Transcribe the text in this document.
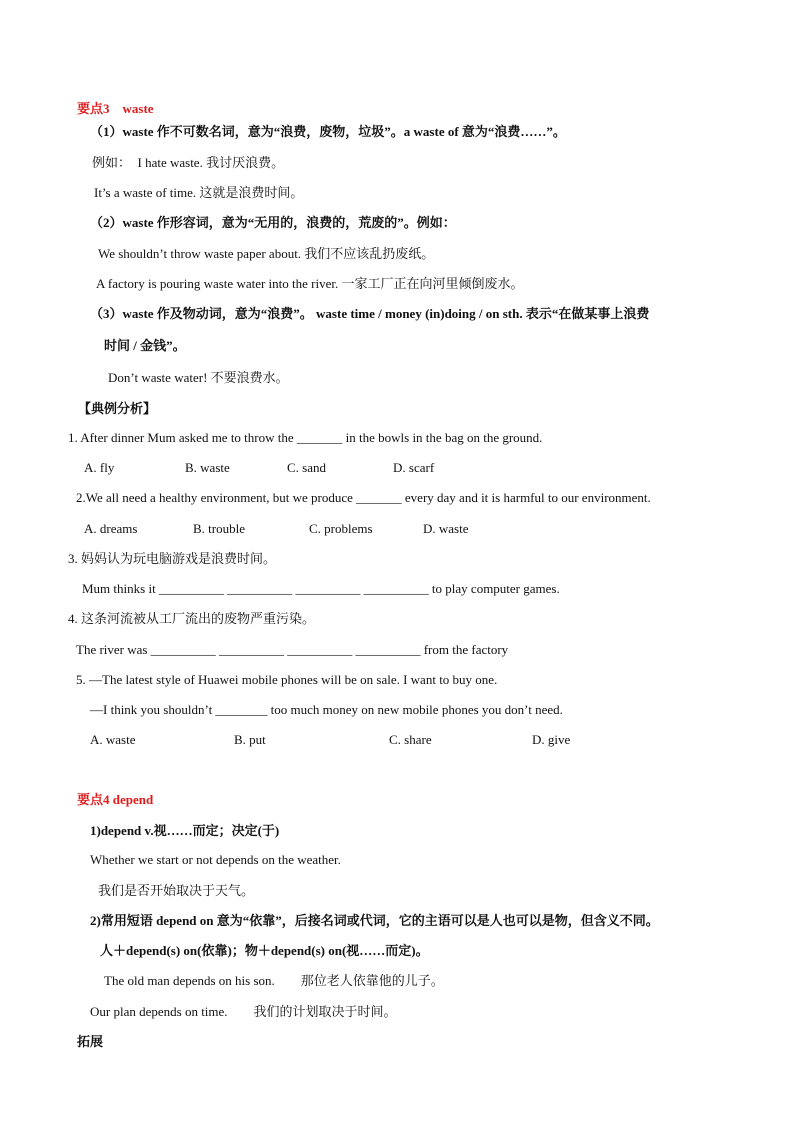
要点3　waste
（1）waste 作不可数名词，意为“浪费，废物，垃圾”。a waste of 意为“浪费……”。
例如：　I hate waste. 我讨厌浪费。
It’s a waste of time. 这就是浪费时间。
（2）waste 作形容词，意为“无用的，浪费的，荒废的”。例如：
We shouldn’t throw waste paper about. 我们不应该乱扔废纸。
A factory is pouring waste water into the river. 一家工厂正在向河里倾倒废水。
（3）waste 作及物动词，意为“浪费”。 waste time / money (in)doing / on sth. 表示“在做某事上浪费
时间 / 金钱”。
Don’t waste water! 不要浪费水。
【典例分析】
1. After dinner Mum asked me to throw the _______ in the bowls in the bag on the ground.
A. fly	B. waste	C. sand	D. scarf
2.We all need a healthy environment, but we produce _______ every day and it is harmful to our environment.
A. dreams	B. trouble	C. problems	D. waste
3. 妈妈认为玩电脑游戏是浪费时间。
Mum thinks it __________ __________ __________ __________ to play computer games.
4. 这条河流被从工厂流出的废物严重污染。
The river was __________ __________ __________ __________ from the factory
5. —The latest style of Huawei mobile phones will be on sale. I want to buy one.
—I think you shouldn’t ________ too much money on new mobile phones you don’t need.
A. waste	B. put	C. share	D. give
要点4 depend
1)depend v.视……而定；决定(于)
Whether we start or not depends on the weather.
我们是否开始取决于天气。
2)常用短语 depend on 意为“依靠”，后接名词或代词，它的主语可以是人也可以是物，但含义不同。
人＋depend(s) on(依靠)；物＋depend(s) on(视……而定)。
The old man depends on his son.　　那位老人依靠他的儿子。
Our plan depends on time.　　我们的计划取决于时间。
拓展
